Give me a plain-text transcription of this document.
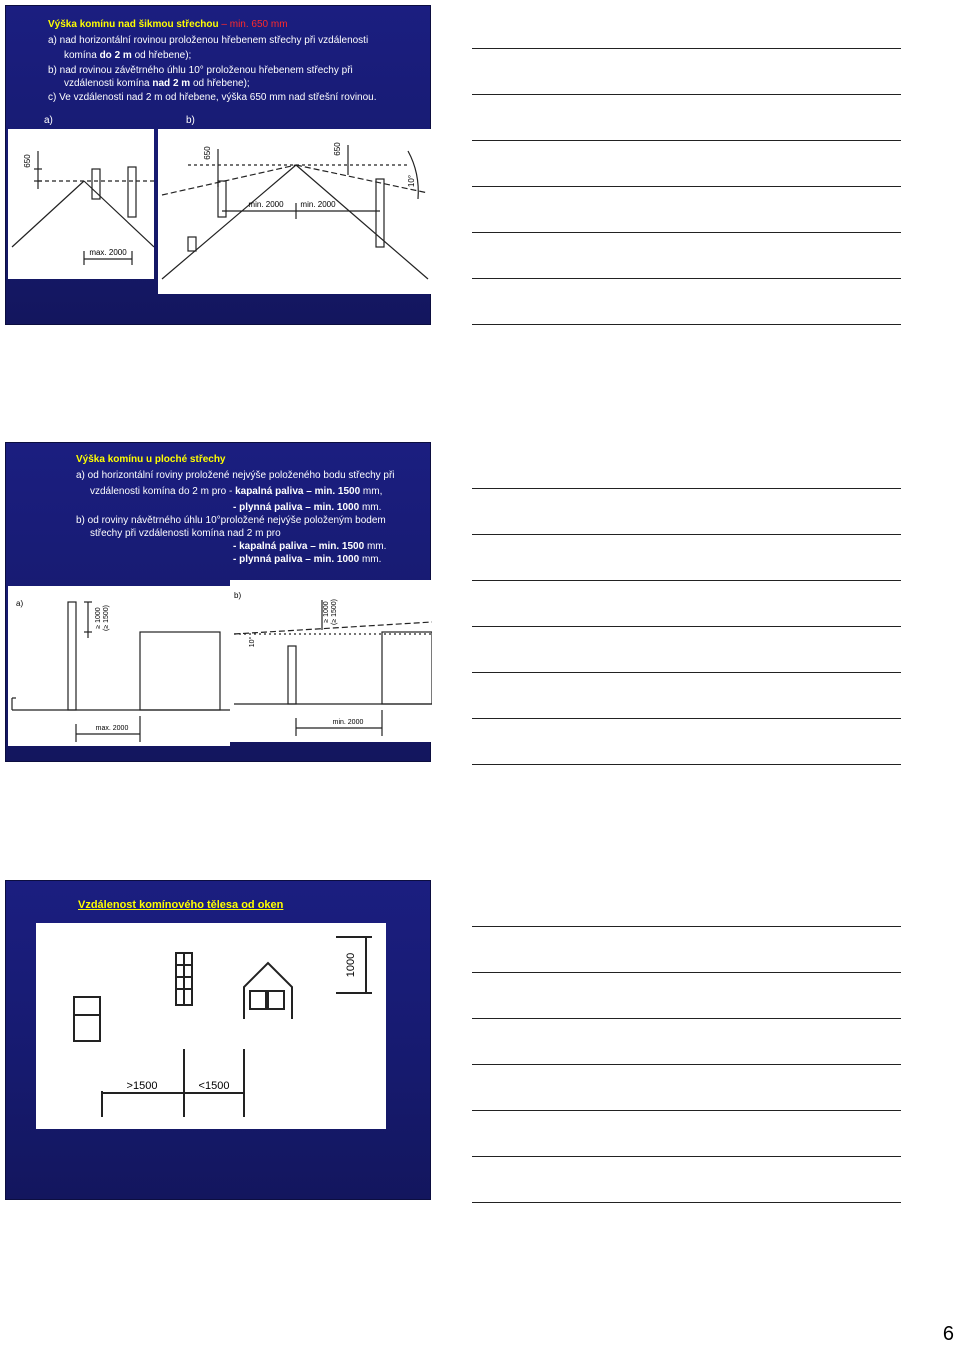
Výška komínu nad šikmou střechou – min. 650 mm
a) nad horizontální rovinou proloženou hřebenem střechy při vzdálenosti
komína do 2 m od hřebene);
b) nad rovinou závětrného úhlu 10° proloženou hřebenem střechy při
vzdálenosti komína nad 2 m od hřebene);
c) Ve vzdálenosti nad 2 m od hřebene, výška 650 mm nad střešní rovinou.
a)	b)
650
max. 2000
650	650
10°
min. 2000 min. 2000
Výška komínu u ploché střechy
a) od horizontální roviny proložené nejvýše položeného bodu střechy při
vzdálenosti komína do 2 m pro - kapalná paliva – min. 1500 mm,
- plynná paliva – min. 1000 mm.
b) od roviny návětrného úhlu 10°proložené nejvýše položeným bodem
střechy při vzdálenosti komína nad 2 m pro
- kapalná paliva – min. 1500 mm.
- plynná paliva – min. 1000 mm.
a)
≥ 1000 (≥ 1500)
max. 2000
b)
≥ 1000 (≥ 1500)
10°
min. 2000
Vzdálenost komínového tělesa od oken
1000
>1500	<1500
6
